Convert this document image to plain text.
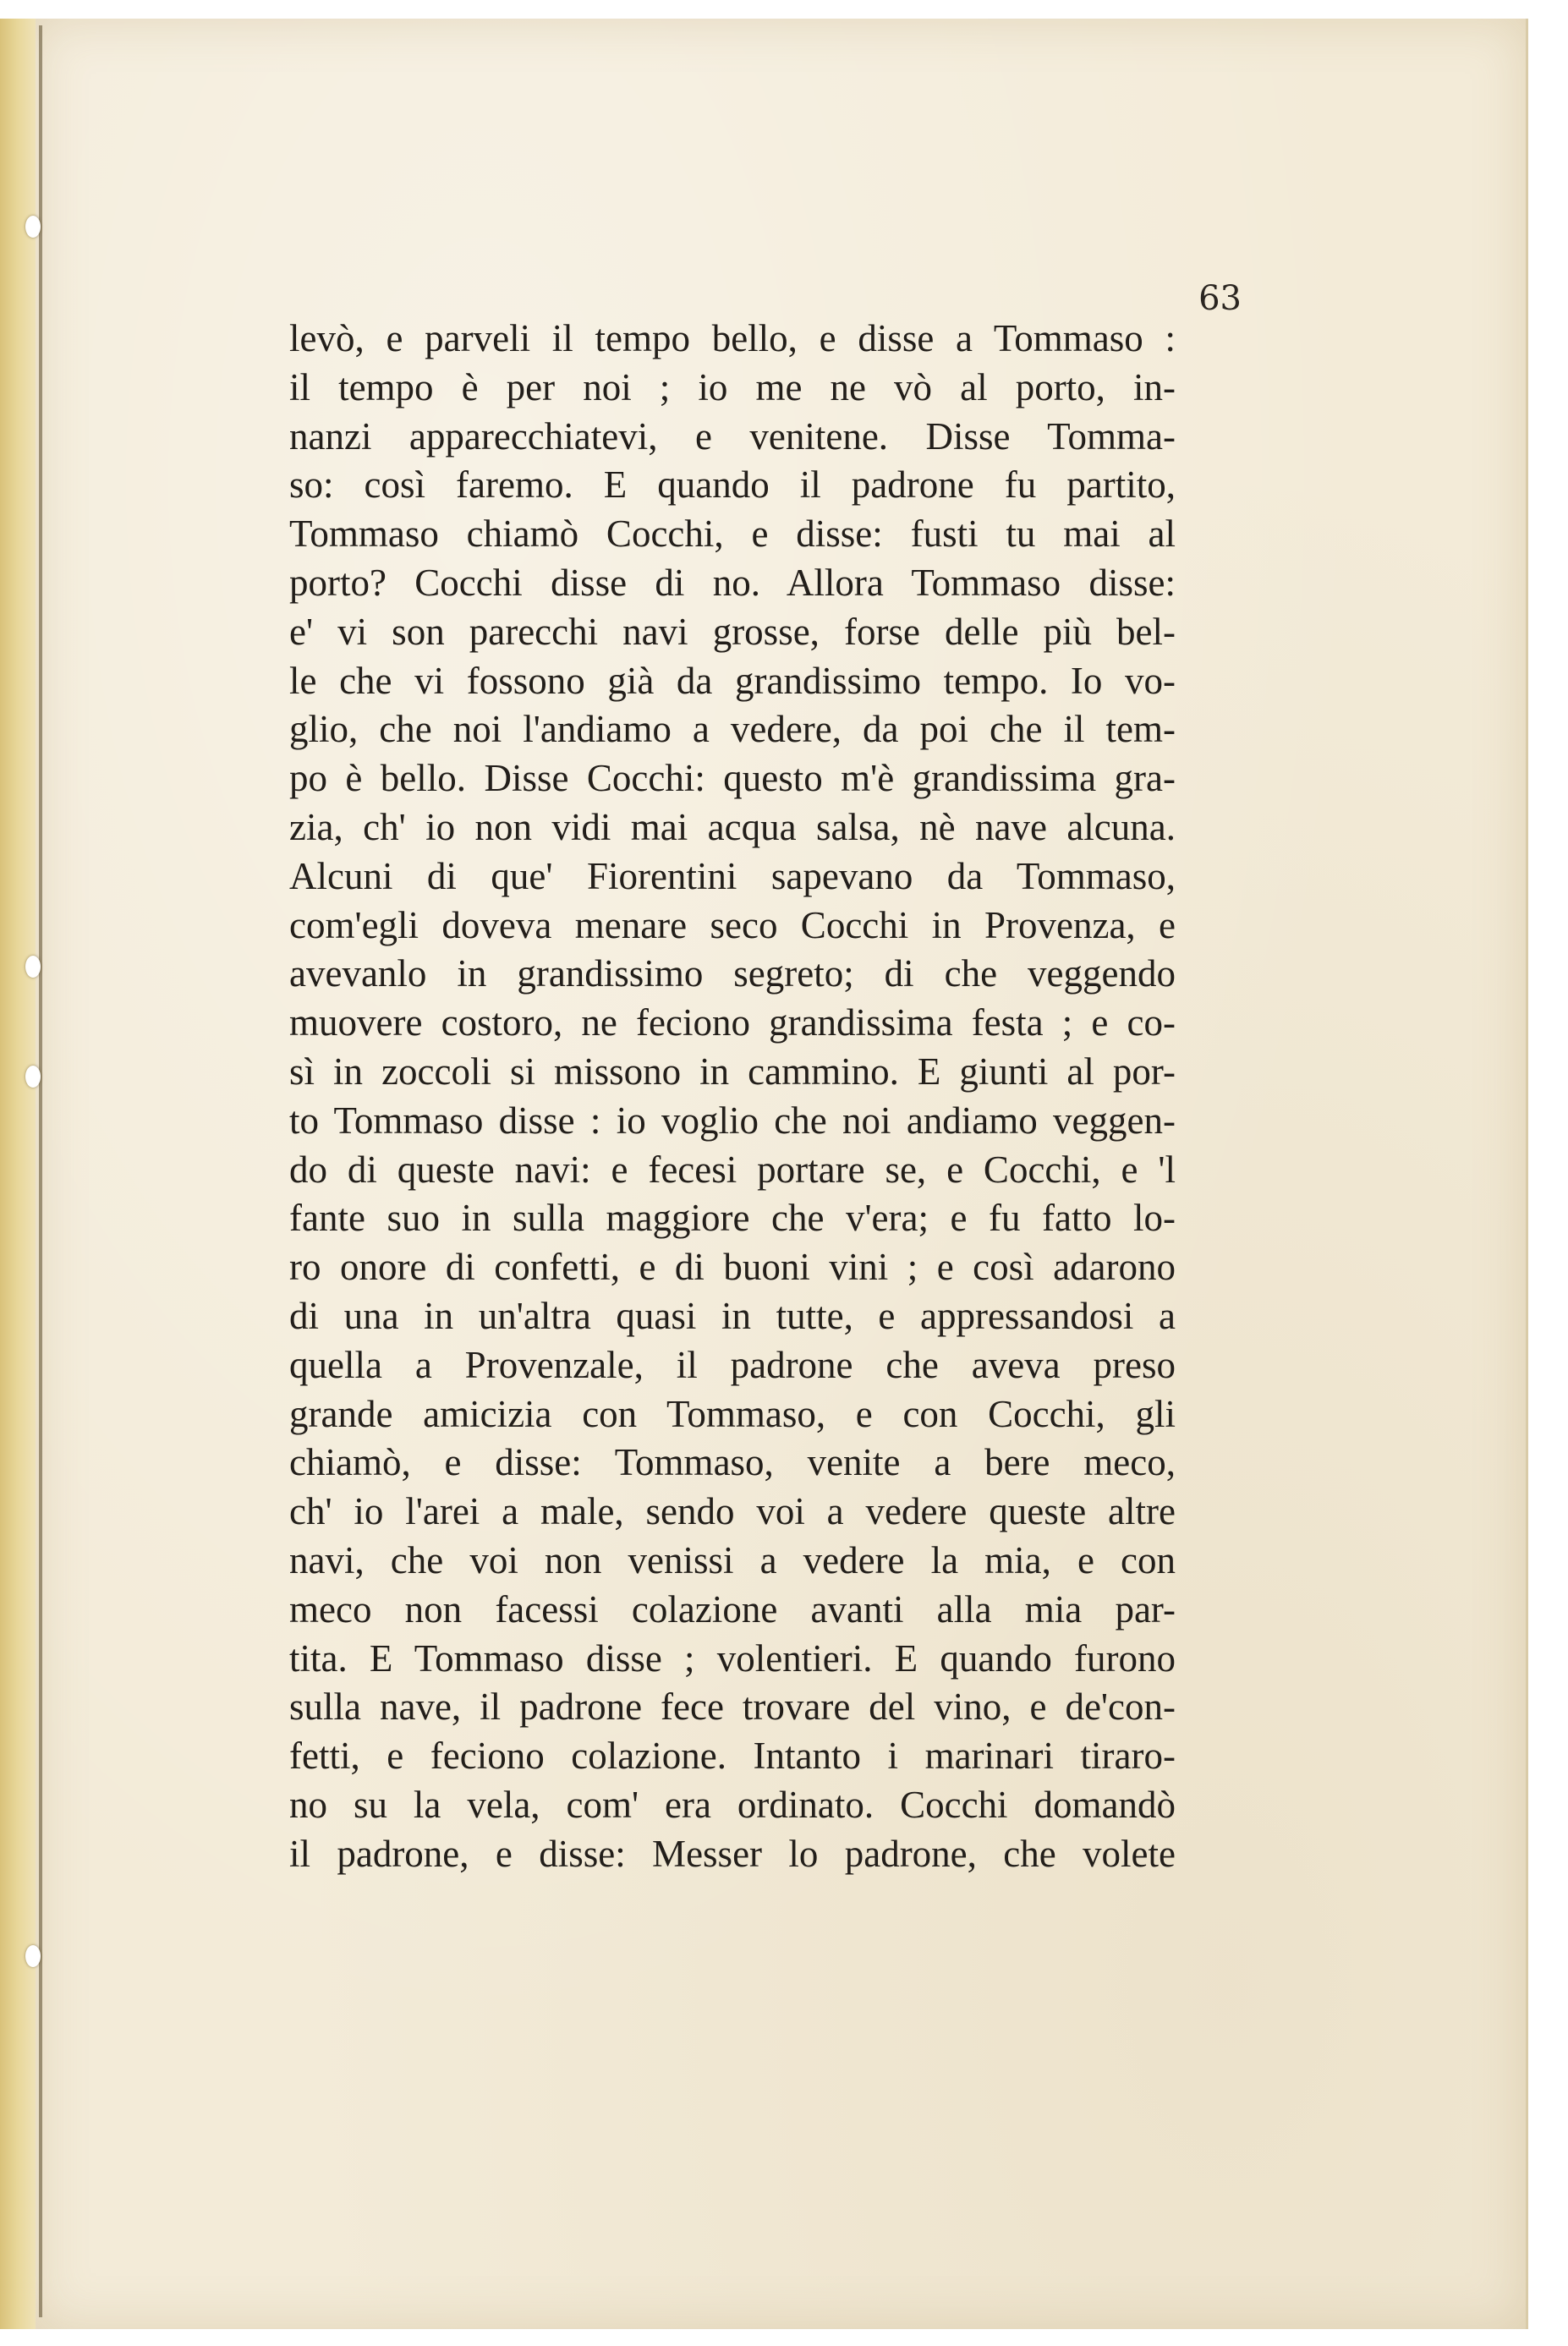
63
levò, e parveli il tempo bello, e disse a Tommaso :
il tempo è per noi ; io me ne vò al porto, in-
nanzi apparecchiatevi, e venitene. Disse Tomma-
so: così faremo. E quando il padrone fu partito,
Tommaso chiamò Cocchi, e disse: fusti tu mai al
porto? Cocchi disse di no. Allora Tommaso disse:
e' vi son parecchi navi grosse, forse delle più bel-
le che vi fossono già da grandissimo tempo. Io vo-
glio, che noi l'andiamo a vedere, da poi che il tem-
po è bello. Disse Cocchi: questo m'è grandissima gra-
zia, ch' io non vidi mai acqua salsa, nè nave alcuna.
Alcuni di que' Fiorentini sapevano da Tommaso,
com'egli doveva menare seco Cocchi in Provenza, e
avevanlo in grandissimo segreto; di che veggendo
muovere costoro, ne feciono grandissima festa ; e co-
sì in zoccoli si missono in cammino. E giunti al por-
to Tommaso disse : io voglio che noi andiamo veggen-
do di queste navi: e fecesi portare se, e Cocchi, e 'l
fante suo in sulla maggiore che v'era; e fu fatto lo-
ro onore di confetti, e di buoni vini ; e così adarono
di una in un'altra quasi in tutte, e appressandosi a
quella a Provenzale, il padrone che aveva preso
grande amicizia con Tommaso, e con Cocchi, gli
chiamò, e disse: Tommaso, venite a bere meco,
ch' io l'arei a male, sendo voi a vedere queste altre
navi, che voi non venissi a vedere la mia, e con
meco non facessi colazione avanti alla mia par-
tita. E Tommaso disse ; volentieri. E quando furono
sulla nave, il padrone fece trovare del vino, e de'con-
fetti, e feciono colazione. Intanto i marinari tiraro-
no su la vela, com' era ordinato. Cocchi domandò
il padrone, e disse: Messer lo padrone, che volete
